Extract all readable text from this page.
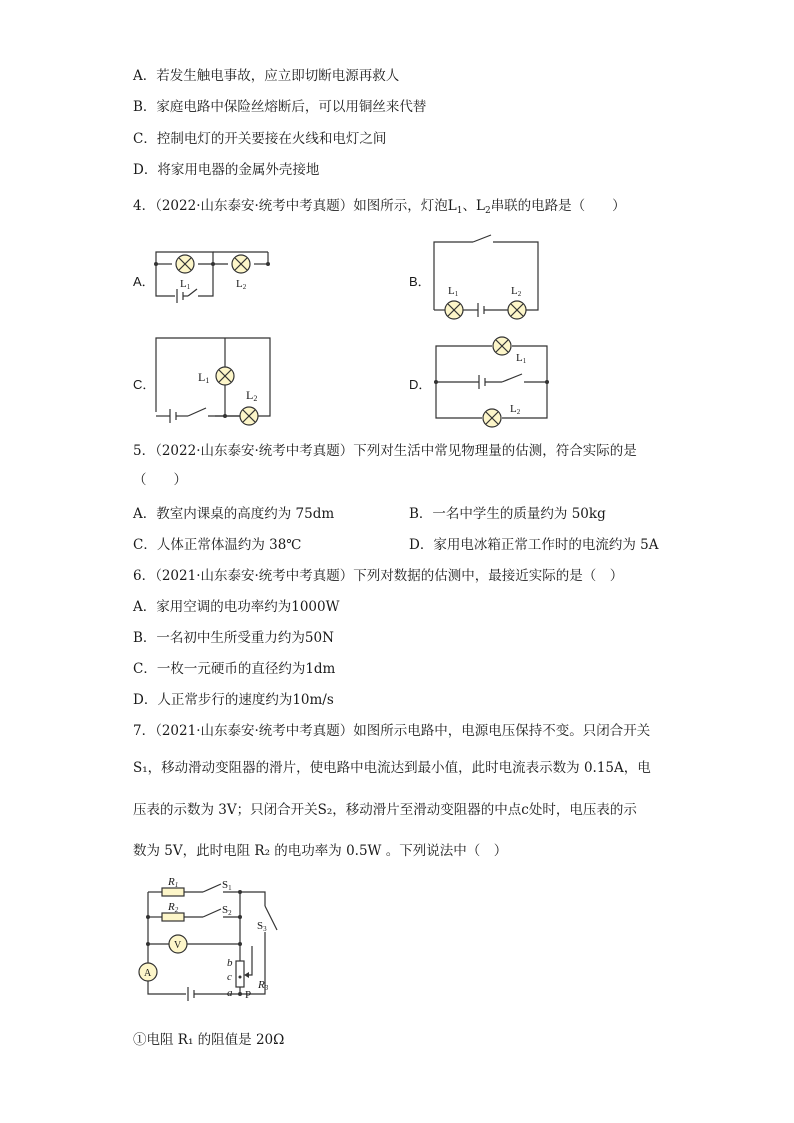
A．若发生触电事故，应立即切断电源再救人
B．家庭电路中保险丝熔断后，可以用铜丝来代替
C．控制电灯的开关要接在火线和电灯之间
D．将家用电器的金属外壳接地
4．（2022·山东泰安·统考中考真题）如图所示，灯泡$L_1$、$L_2$串联的电路是（　　）
A．	B．
C．	D．
L1	L2	L1	L2
L1
L2
L1
L2
5．（2022·山东泰安·统考中考真题）下列对生活中常见物理量的估测，符合实际的是
（　　）
A．教室内课桌的高度约为 75dm	B．一名中学生的质量约为 50kg
C．人体正常体温约为 38℃	D．家用电冰箱正常工作时的电流约为 5A
6．（2021·山东泰安·统考中考真题）下列对数据的估测中，最接近实际的是（　）
A．家用空调的电功率约为1000W
B．一名初中生所受重力约为50N
C．一枚一元硬币的直径约为1dm
D．人正常步行的速度约为10m/s
7．（2021·山东泰安·统考中考真题）如图所示电路中，电源电压保持不变。只闭合开关
S₁，移动滑动变阻器的滑片，使电路中电流达到最小值，此时电流表示数为 0.15A，电
压表的示数为 3V；只闭合开关S₂，移动滑片至滑动变阻器的中点c处时，电压表的示
数为 5V，此时电阻 R₂ 的电功率为 0.5W 。下列说法中（　）
V
A
R1
R2
S1
S2
S3
R3
b
c
a P
①电阻 R₁ 的阻值是 20Ω
